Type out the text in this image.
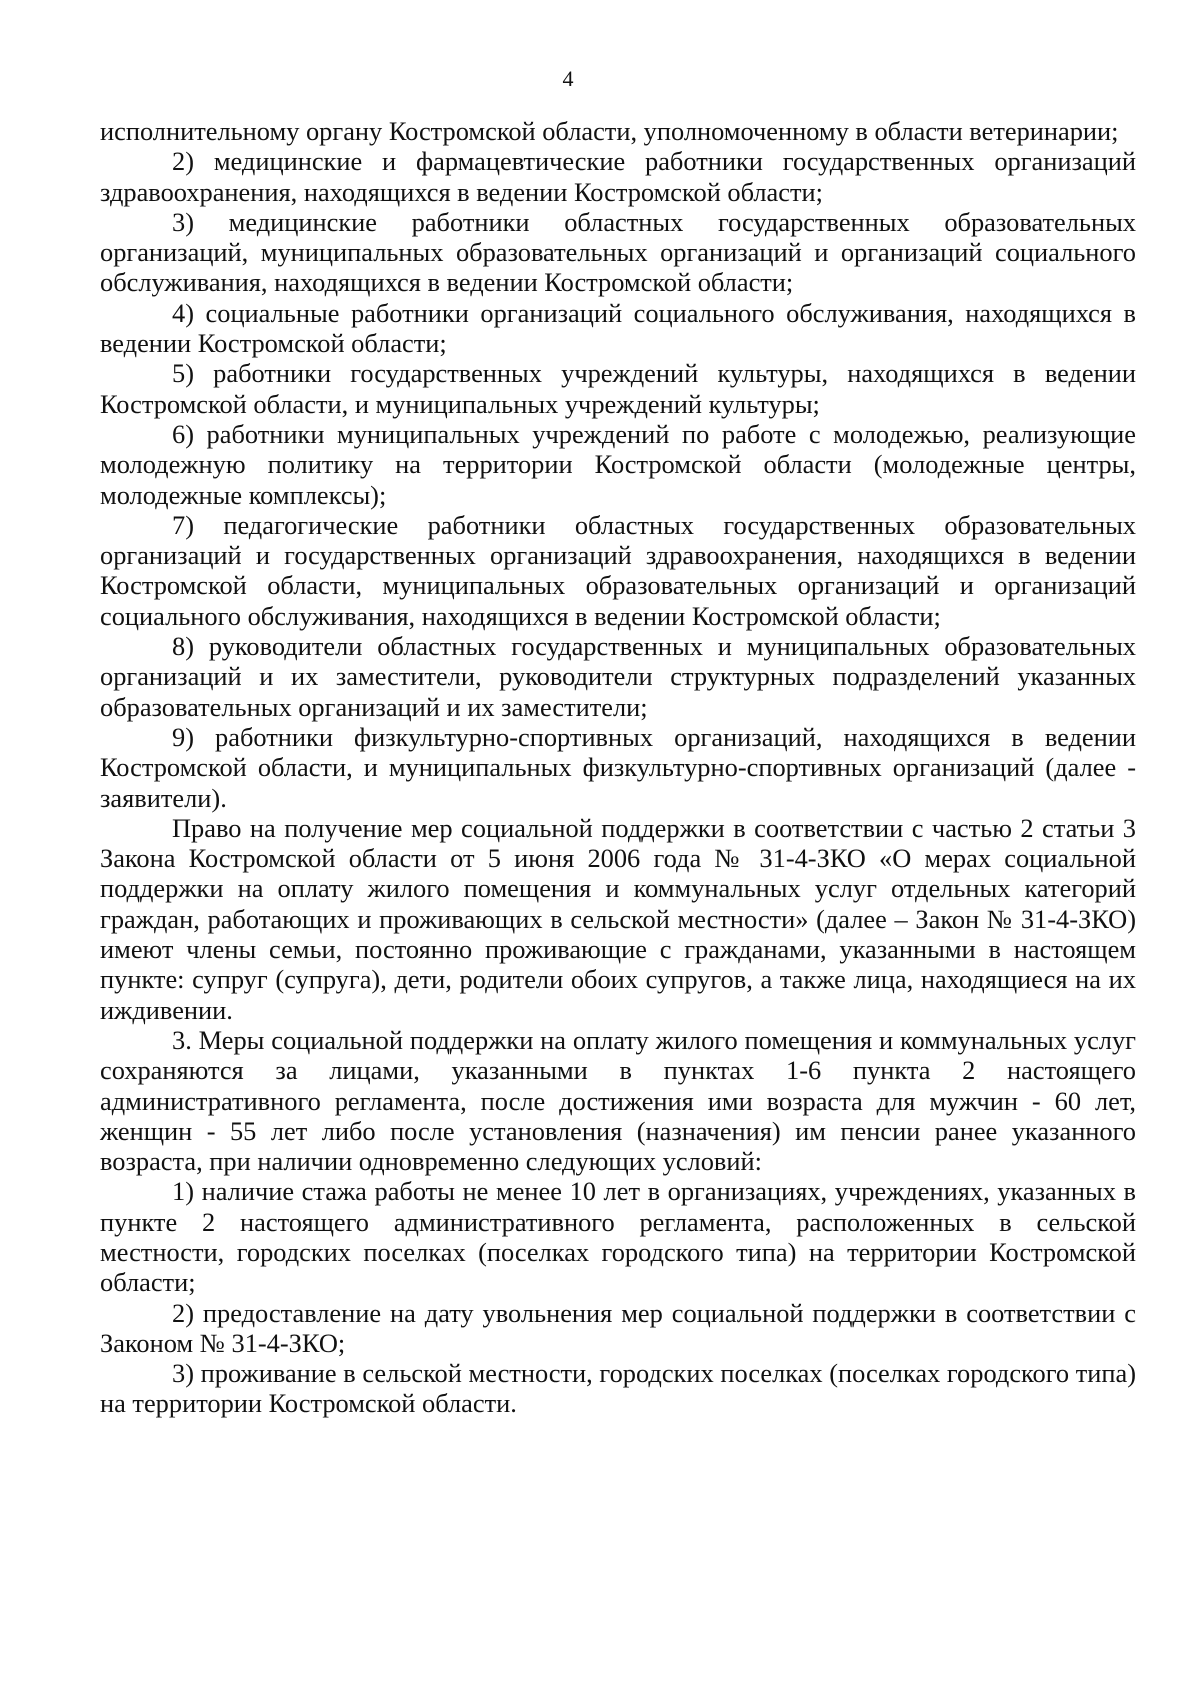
4

исполнительному органу Костромской области, уполномоченному в области ветеринарии;

2) медицинские и фармацевтические работники государственных организаций здравоохранения, находящихся в ведении Костромской области;

3) медицинские работники областных государственных образовательных организаций, муниципальных образовательных организаций и организаций социального обслуживания, находящихся в ведении Костромской области;

4) социальные работники организаций социального обслуживания, находящихся в ведении Костромской области;

5) работники государственных учреждений культуры, находящихся в ведении Костромской области, и муниципальных учреждений культуры;

6) работники муниципальных учреждений по работе с молодежью, реализующие молодежную политику на территории Костромской области (молодежные центры, молодежные комплексы);

7) педагогические работники областных государственных образовательных организаций и государственных организаций здравоохранения, находящихся в ведении Костромской области, муниципальных образовательных организаций и организаций социального обслуживания, находящихся в ведении Костромской области;

8) руководители областных государственных и муниципальных образовательных организаций и их заместители, руководители структурных подразделений указанных образовательных организаций и их заместители;

9) работники физкультурно-спортивных организаций, находящихся в ведении Костромской области, и муниципальных физкультурно-спортивных организаций (далее - заявители).

Право на получение мер социальной поддержки в соответствии с частью 2 статьи 3 Закона Костромской области от 5 июня 2006 года № 31-4-ЗКО «О мерах социальной поддержки на оплату жилого помещения и коммунальных услуг отдельных категорий граждан, работающих и проживающих в сельской местности» (далее – Закон № 31-4-ЗКО) имеют члены семьи, постоянно проживающие с гражданами, указанными в настоящем пункте: супруг (супруга), дети, родители обоих супругов, а также лица, находящиеся на их иждивении.

3. Меры социальной поддержки на оплату жилого помещения и коммунальных услуг сохраняются за лицами, указанными в пунктах 1-6 пункта 2 настоящего административного регламента, после достижения ими возраста для мужчин - 60 лет, женщин - 55 лет либо после установления (назначения) им пенсии ранее указанного возраста, при наличии одновременно следующих условий:

1) наличие стажа работы не менее 10 лет в организациях, учреждениях, указанных в пункте 2 настоящего административного регламента, расположенных в сельской местности, городских поселках (поселках городского типа) на территории Костромской области;

2) предоставление на дату увольнения мер социальной поддержки в соответствии с Законом № 31-4-ЗКО;

3) проживание в сельской местности, городских поселках (поселках городского типа) на территории Костромской области.
